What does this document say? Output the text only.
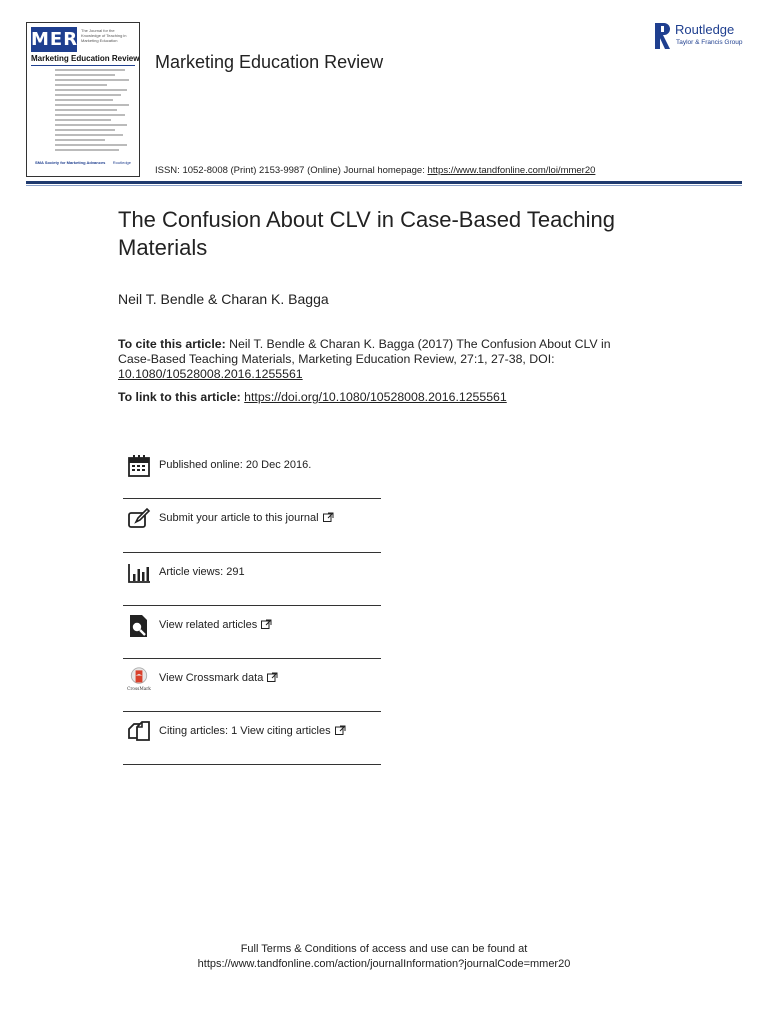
MER The Journal for the Knowledge of Teaching in Marketing Education
Marketing Education Review
SMA Society for Marketing Advances Routledge
Marketing Education Review
ISSN: 1052-8008 (Print) 2153-9987 (Online) Journal homepage: https://www.tandfonline.com/loi/mmer20
Routledge
Taylor & Francis Group
The Confusion About CLV in Case-Based Teaching Materials
Neil T. Bendle & Charan K. Bagga
To cite this article: Neil T. Bendle & Charan K. Bagga (2017) The Confusion About CLV in Case-Based Teaching Materials, Marketing Education Review, 27:1, 27-38, DOI: 10.1080/10528008.2016.1255561
To link to this article: https://doi.org/10.1080/10528008.2016.1255561
Published online: 20 Dec 2016.
Submit your article to this journal
Article views: 291
View related articles
CrossMark
View Crossmark data
Citing articles: 1 View citing articles
Full Terms & Conditions of access and use can be found at
https://www.tandfonline.com/action/journalInformation?journalCode=mmer20
